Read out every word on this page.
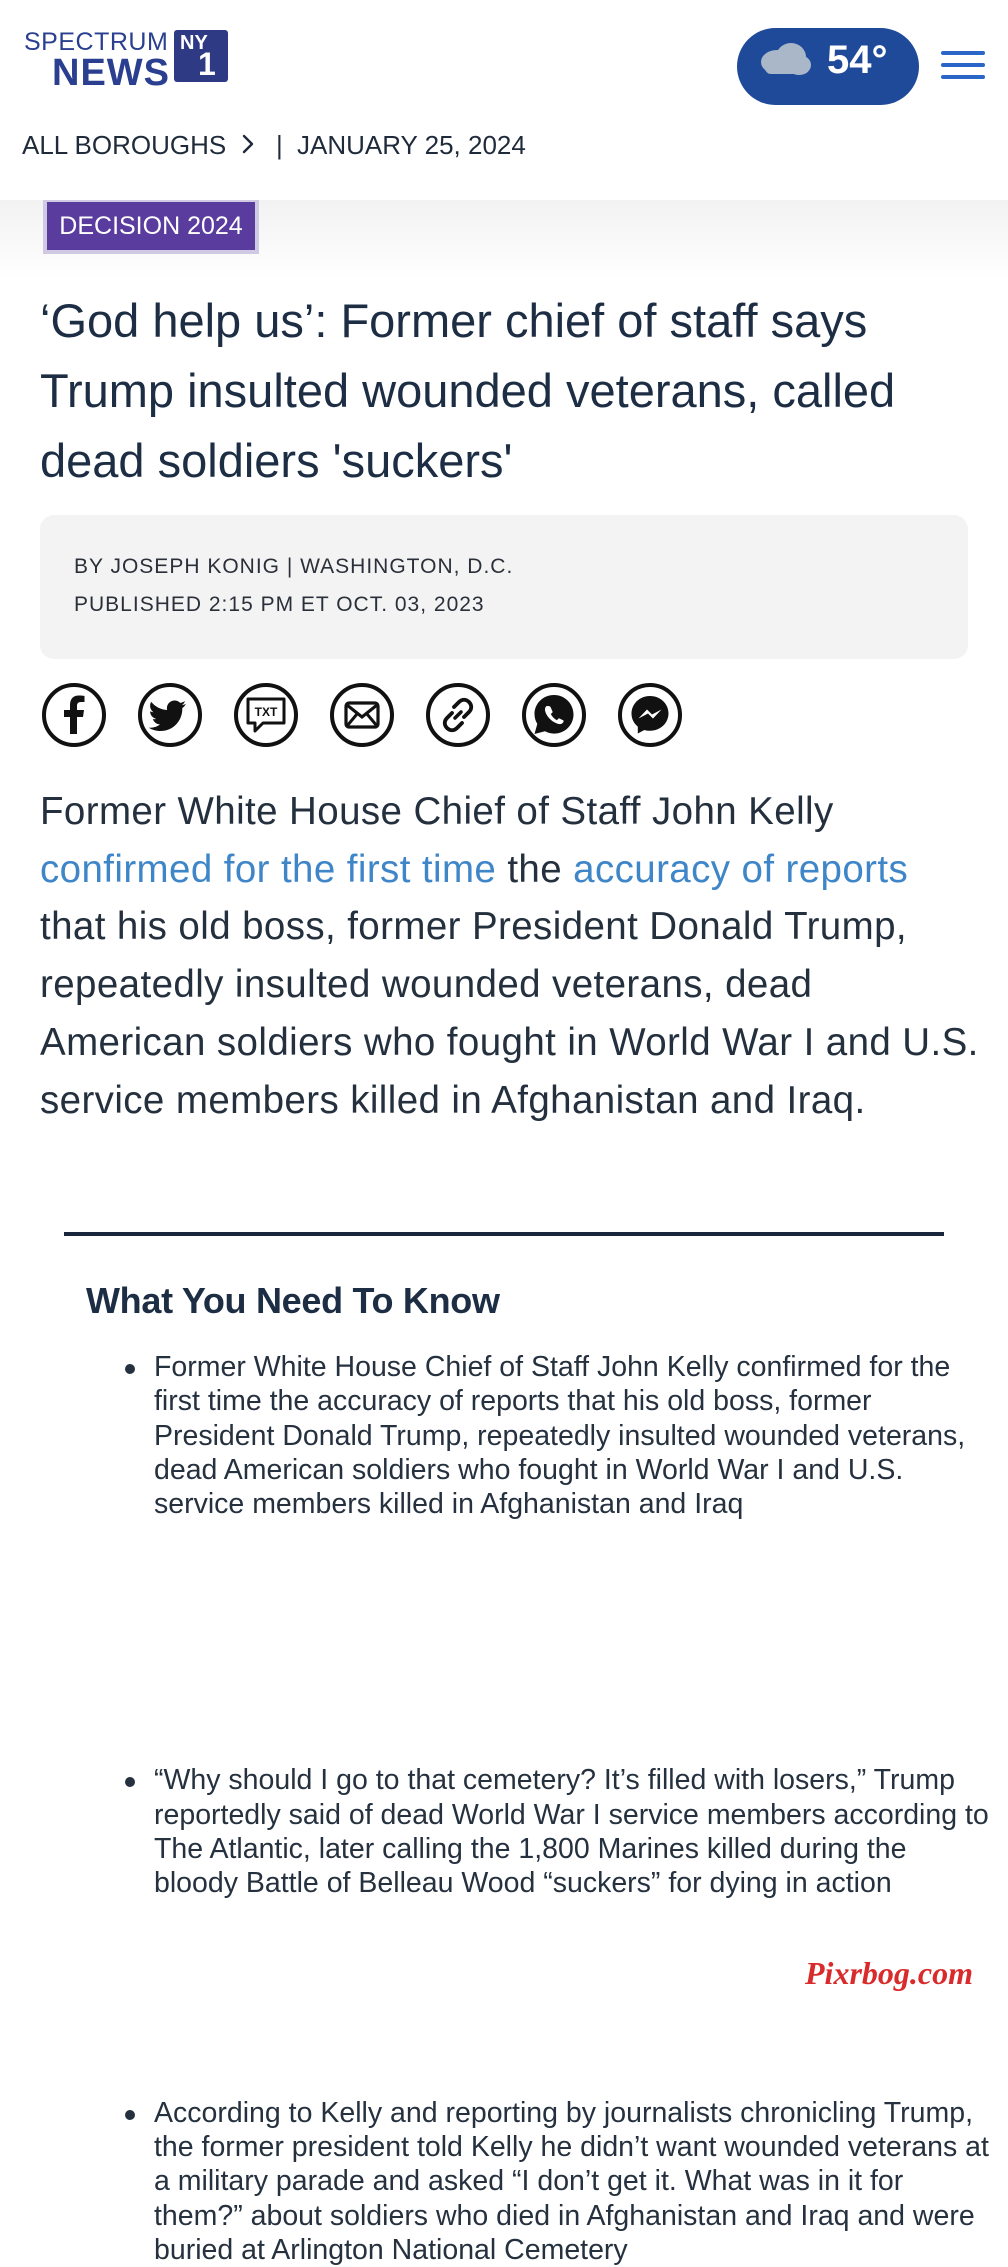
SPECTRUM
NEWS
NY
1	54°
ALL BOROUGHS | JANUARY 25, 2024
DECISION 2024
‘God help us’: Former chief of staff says Trump insulted wounded veterans, called dead soldiers 'suckers'
BY JOSEPH KONIG | WASHINGTON, D.C.
PUBLISHED 2:15 PM ET OCT. 03, 2023
TXT

Former White House Chief of Staff John Kelly confirmed for the first time the accuracy of reports that his old boss, former President Donald Trump, repeatedly insulted wounded veterans, dead American soldiers who fought in World War I and U.S. service members killed in Afghanistan and Iraq.

What You Need To Know
Former White House Chief of Staff John Kelly confirmed for the first time the accuracy of reports that his old boss, former President Donald Trump, repeatedly insulted wounded veterans, dead American soldiers who fought in World War I and U.S. service members killed in Afghanistan and Iraq
“Why should I go to that cemetery? It’s filled with losers,” Trump reportedly said of dead World War I service members according to The Atlantic, later calling the 1,800 Marines killed during the bloody Battle of Belleau Wood “suckers” for dying in action
According to Kelly and reporting by journalists chronicling Trump, the former president told Kelly he didn’t want wounded veterans at a military parade and asked “I don’t get it. What was in it for them?” about soldiers who died in Afghanistan and Iraq and were buried at Arlington National Cemetery
Pixrbog.com
